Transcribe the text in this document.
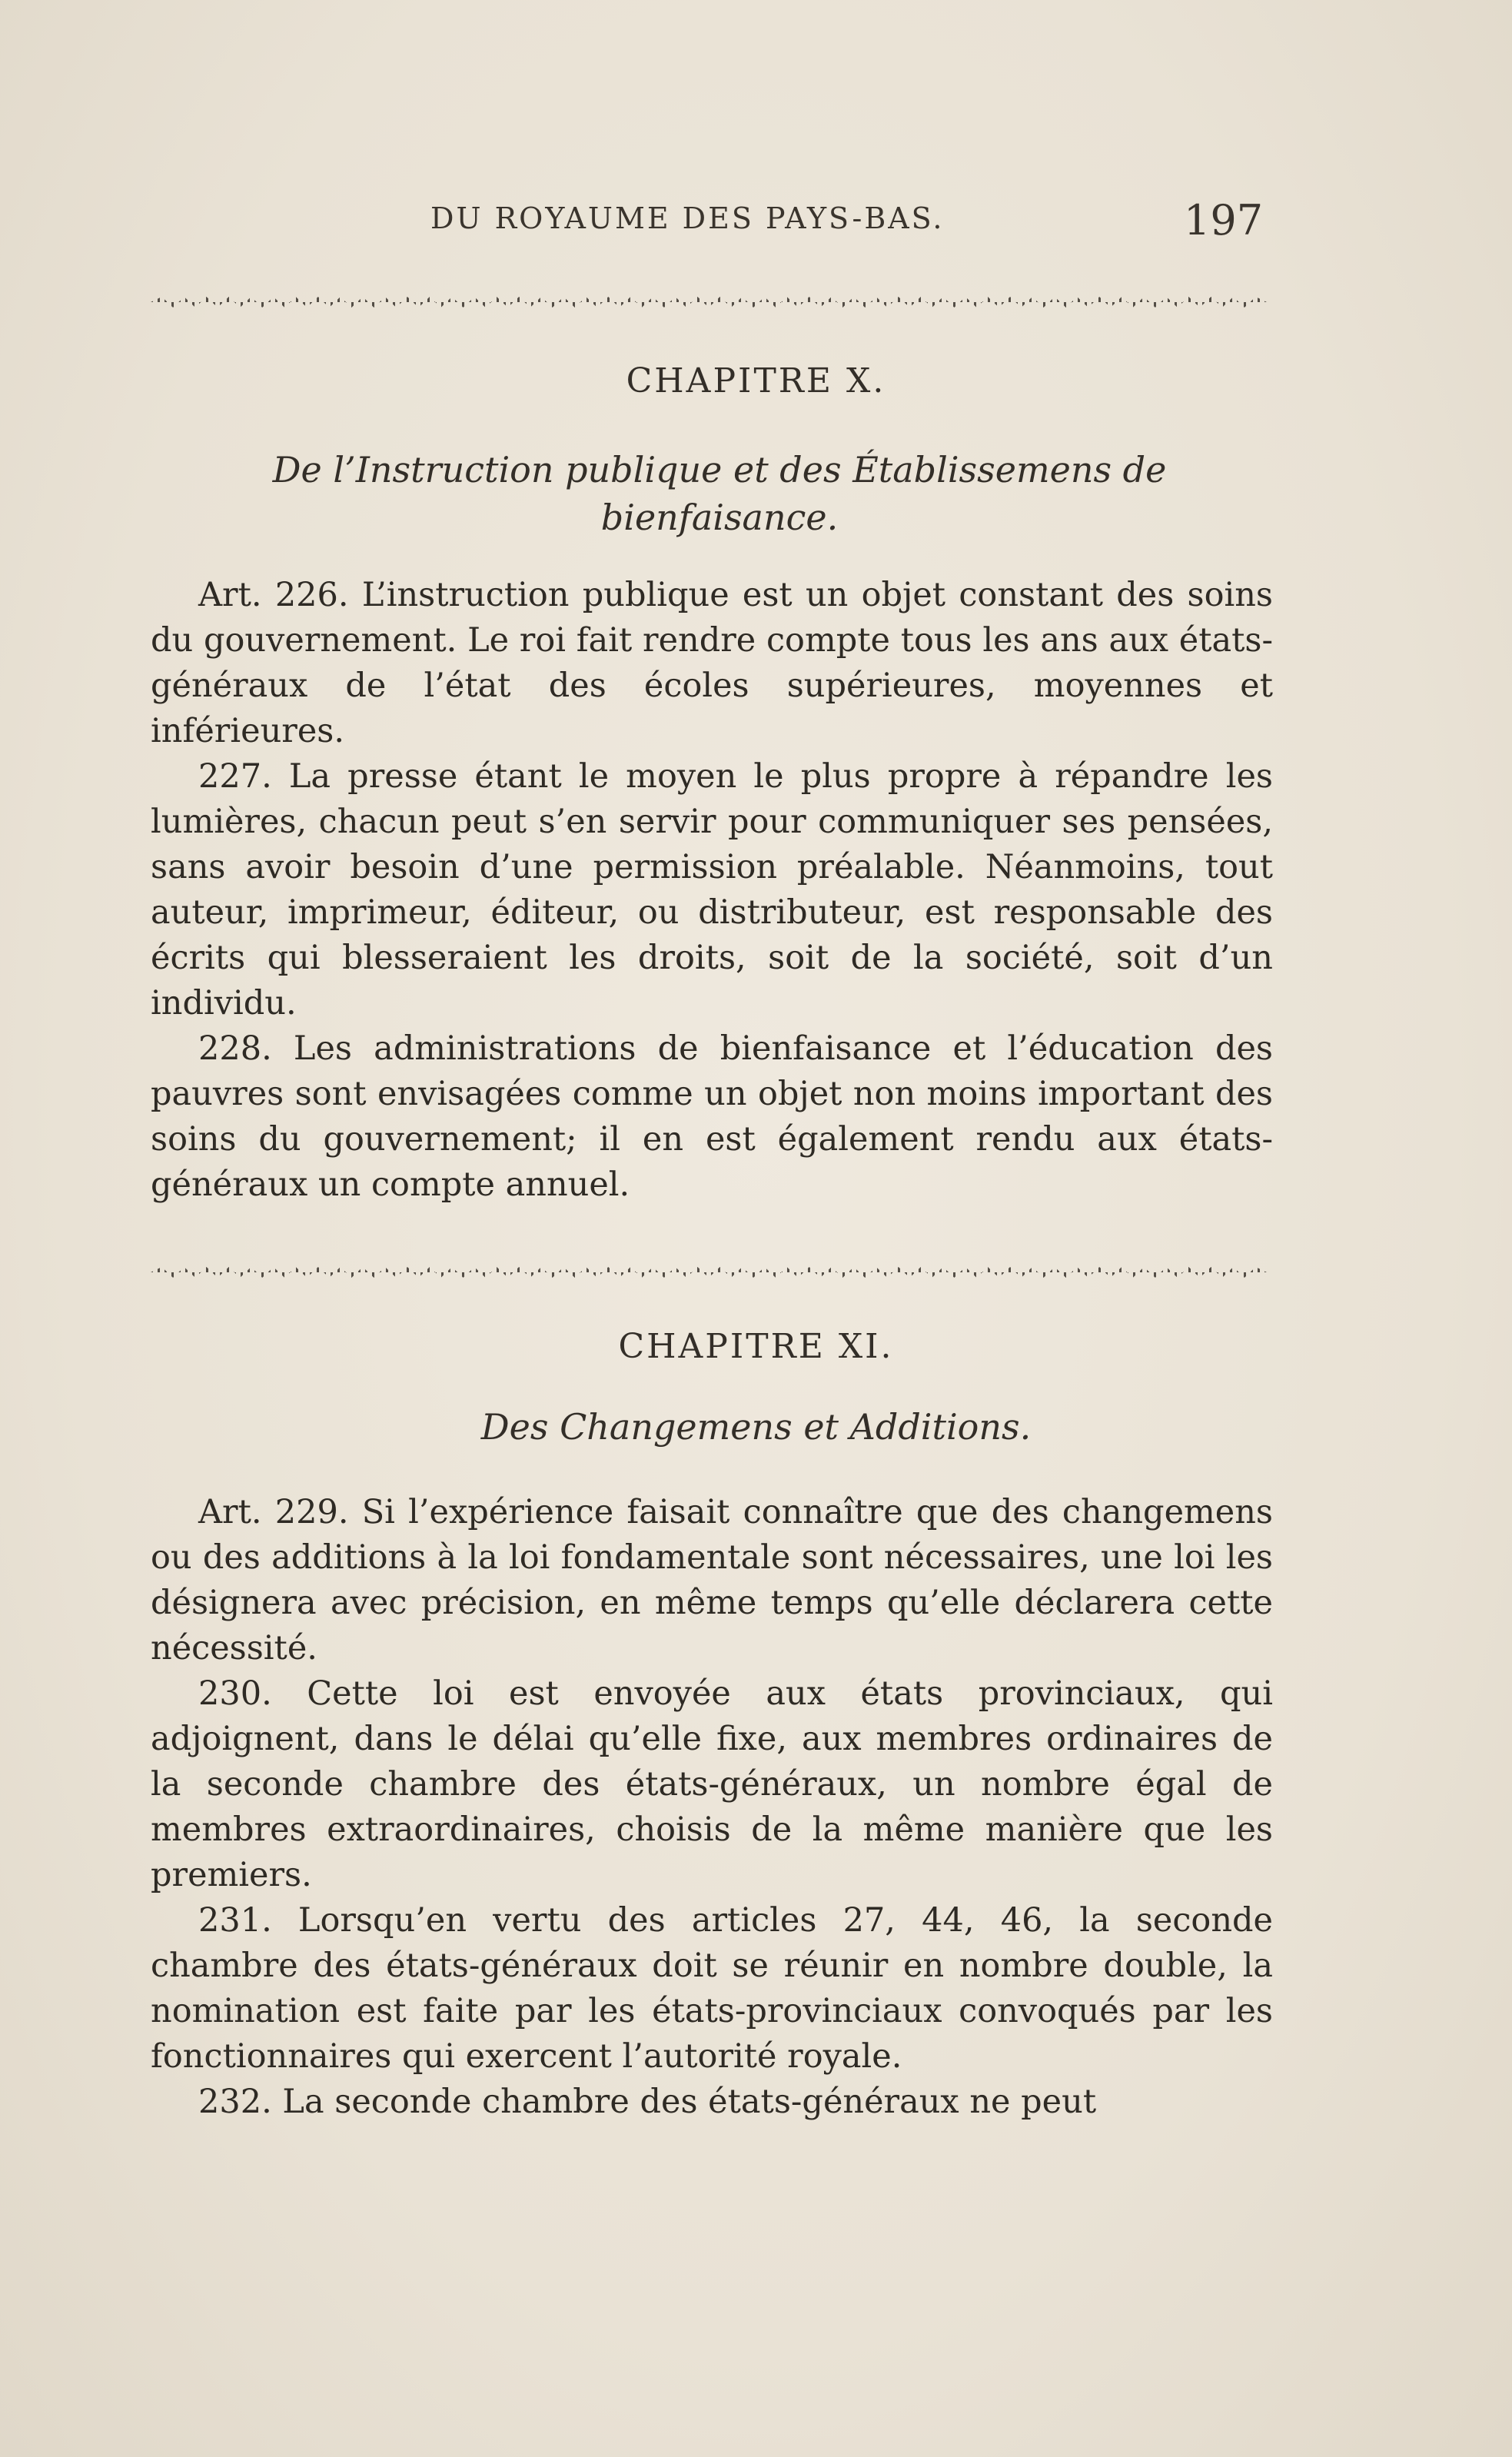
DU ROYAUME DES PAYS-BAS.	197
CHAPITRE X.
De l’Instruction publique et des Établissemens de bienfaisance.

Art. 226. L’instruction publique est un objet constant des soins du gouvernement. Le roi fait rendre compte tous les ans aux états-généraux de l’état des écoles supérieures, moyennes et inférieures.

227. La presse étant le moyen le plus propre à répandre les lumières, chacun peut s’en servir pour communiquer ses pensées, sans avoir besoin d’une permission préalable. Néanmoins, tout auteur, imprimeur, éditeur, ou distributeur, est responsable des écrits qui blesseraient les droits, soit de la société, soit d’un individu.

228. Les administrations de bienfaisance et l’éducation des pauvres sont envisagées comme un objet non moins important des soins du gouvernement; il en est également rendu aux états-généraux un compte annuel.

CHAPITRE XI.
Des Changemens et Additions.

Art. 229. Si l’expérience faisait connaître que des changemens ou des additions à la loi fondamentale sont nécessaires, une loi les désignera avec précision, en même temps qu’elle déclarera cette nécessité.

230. Cette loi est envoyée aux états provinciaux, qui adjoignent, dans le délai qu’elle fixe, aux membres ordinaires de la seconde chambre des états-généraux, un nombre égal de membres extraordinaires, choisis de la même manière que les premiers.

231. Lorsqu’en vertu des articles 27, 44, 46, la seconde chambre des états-généraux doit se réunir en nombre double, la nomination est faite par les états-provinciaux convoqués par les fonctionnaires qui exercent l’autorité royale.

232. La seconde chambre des états-généraux ne peut
